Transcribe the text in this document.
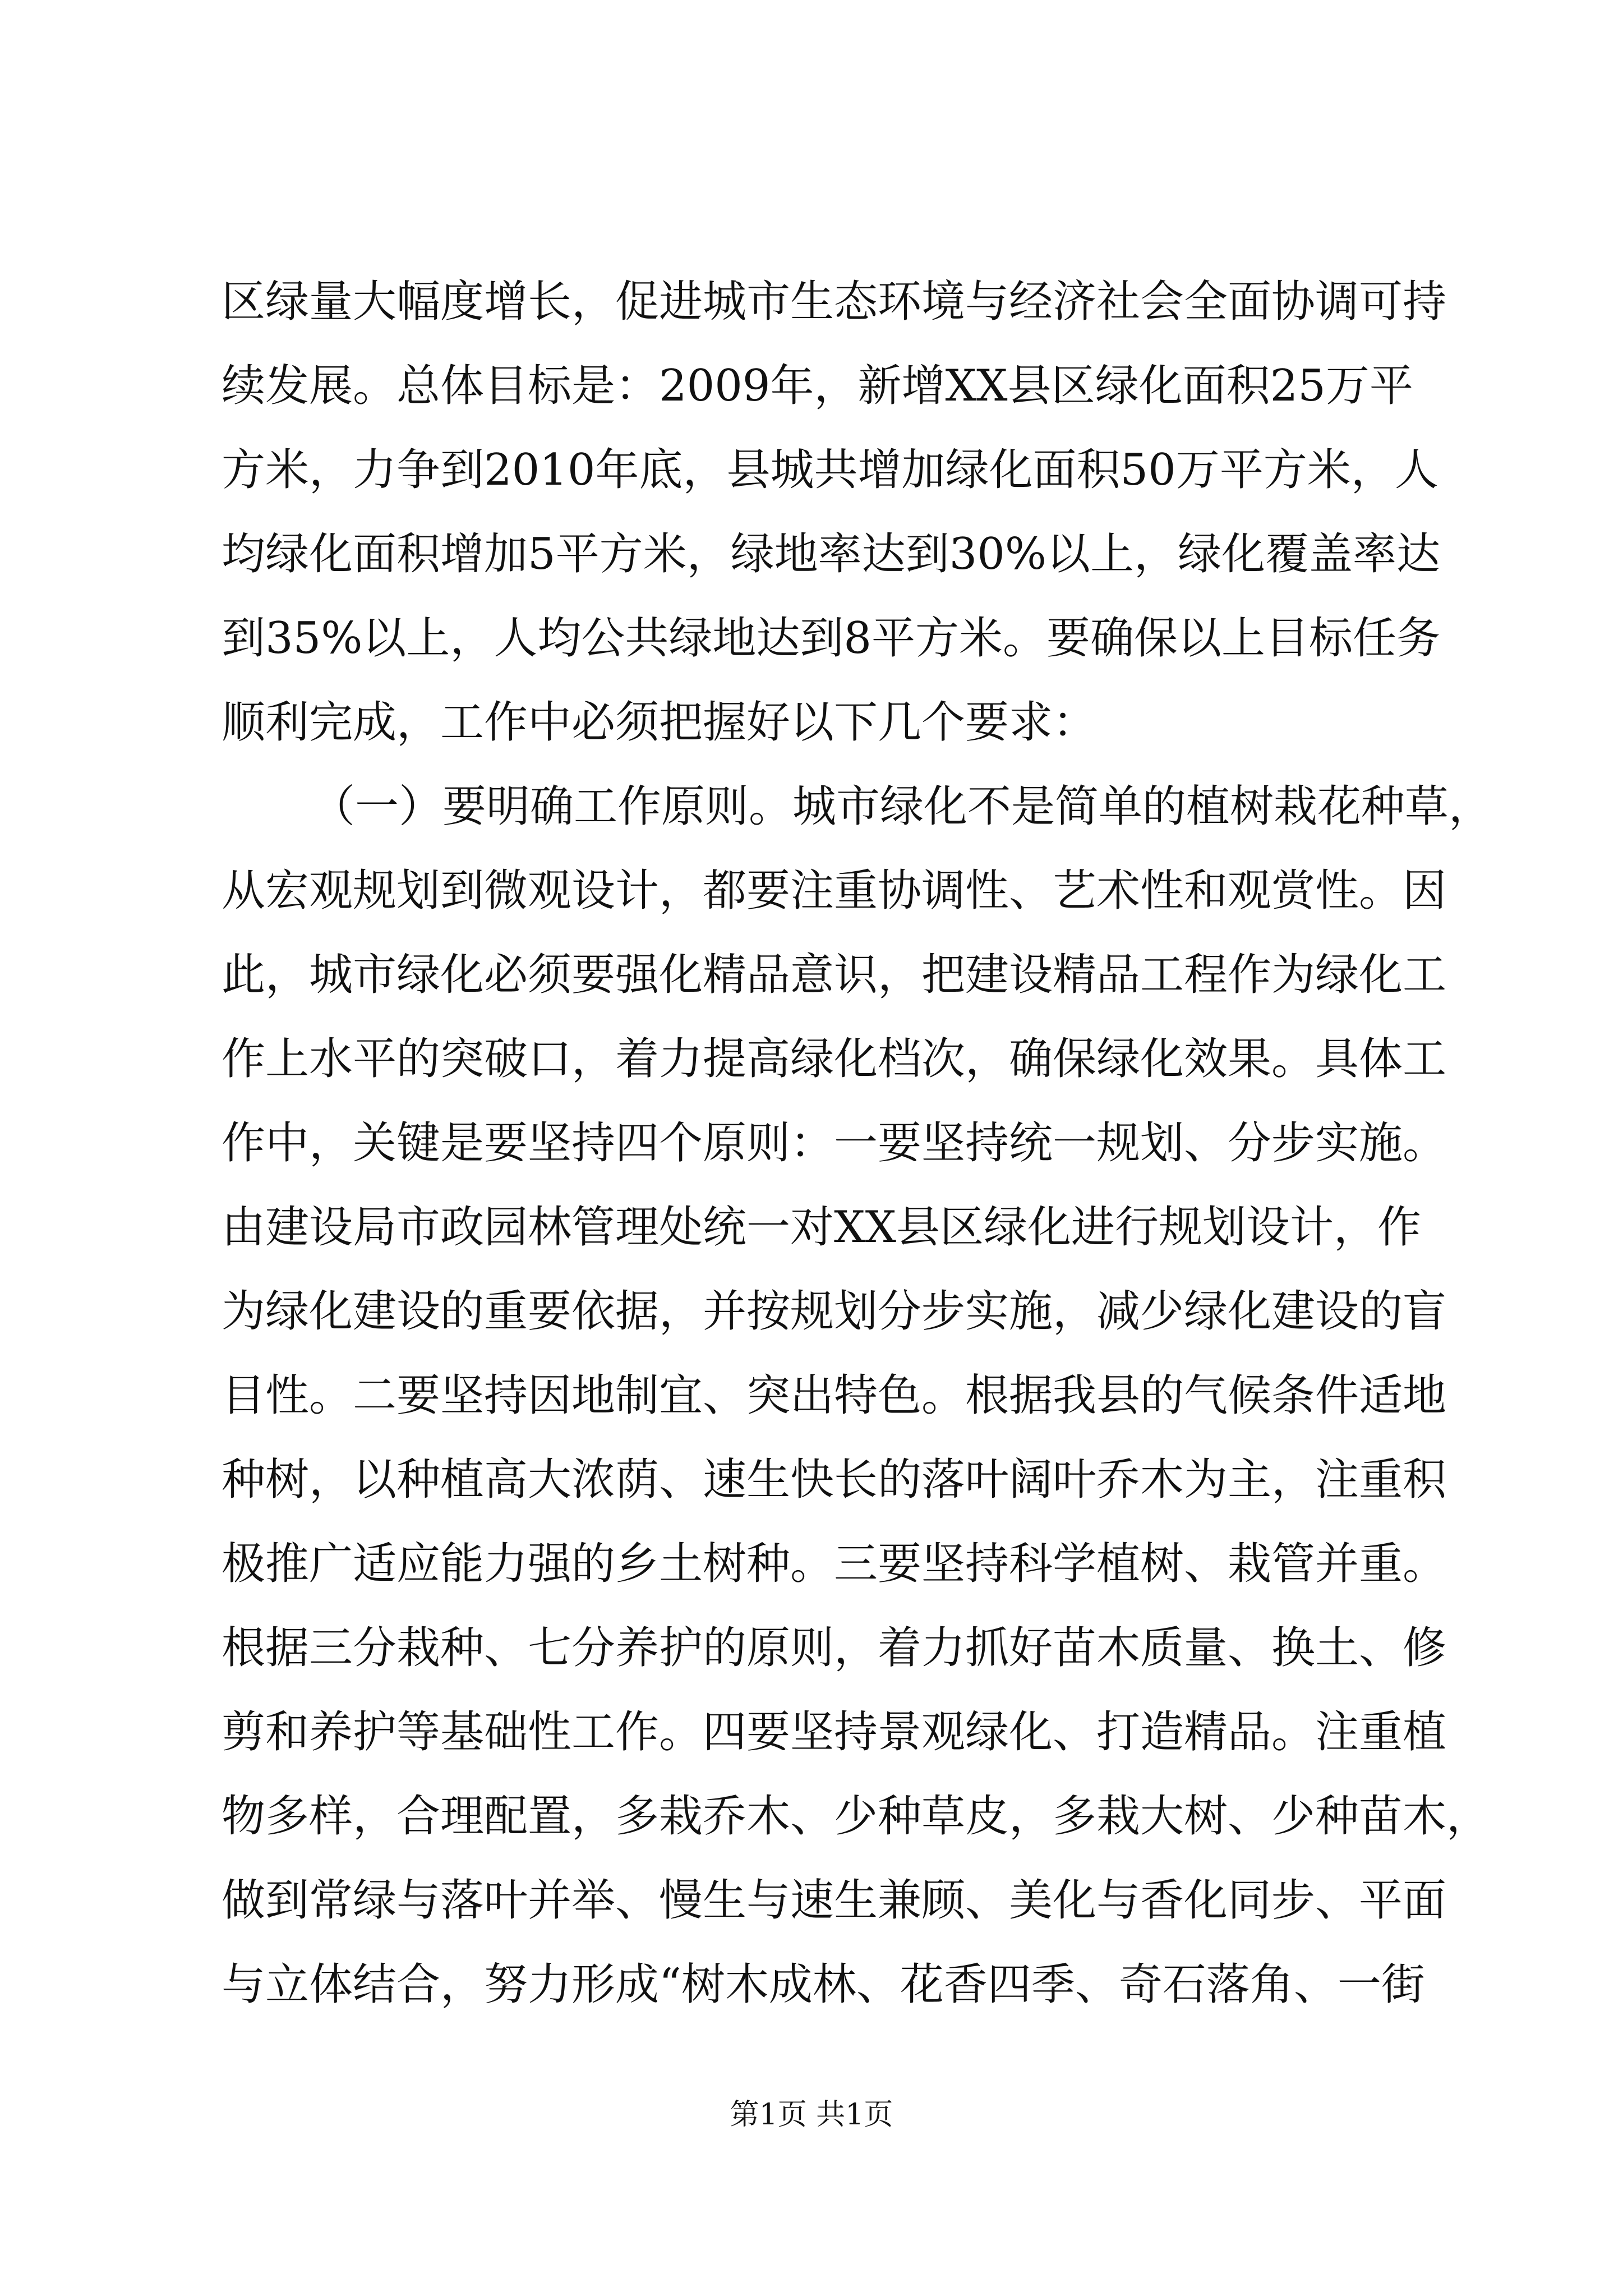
区绿量大幅度增长，促进城市生态环境与经济社会全面协调可持
续发展。总体目标是：2009年，新增XX县区绿化面积25万平
方米，力争到2010年底，县城共增加绿化面积50万平方米，人
均绿化面积增加5平方米，绿地率达到30%以上，绿化覆盖率达
到35%以上，人均公共绿地达到8平方米。要确保以上目标任务
顺利完成，工作中必须把握好以下几个要求：
（一）要明确工作原则。城市绿化不是简单的植树栽花种草，
从宏观规划到微观设计，都要注重协调性、艺术性和观赏性。因
此，城市绿化必须要强化精品意识，把建设精品工程作为绿化工
作上水平的突破口，着力提高绿化档次，确保绿化效果。具体工
作中，关键是要坚持四个原则：一要坚持统一规划、分步实施。
由建设局市政园林管理处统一对XX县区绿化进行规划设计，作
为绿化建设的重要依据，并按规划分步实施，减少绿化建设的盲
目性。二要坚持因地制宜、突出特色。根据我县的气候条件适地
种树，以种植高大浓荫、速生快长的落叶阔叶乔木为主，注重积
极推广适应能力强的乡土树种。三要坚持科学植树、栽管并重。
根据三分栽种、七分养护的原则，着力抓好苗木质量、换土、修
剪和养护等基础性工作。四要坚持景观绿化、打造精品。注重植
物多样，合理配置，多栽乔木、少种草皮，多栽大树、少种苗木，
做到常绿与落叶并举、慢生与速生兼顾、美化与香化同步、平面
与立体结合，努力形成“树木成林、花香四季、奇石落角、一街
第1页 共1页
